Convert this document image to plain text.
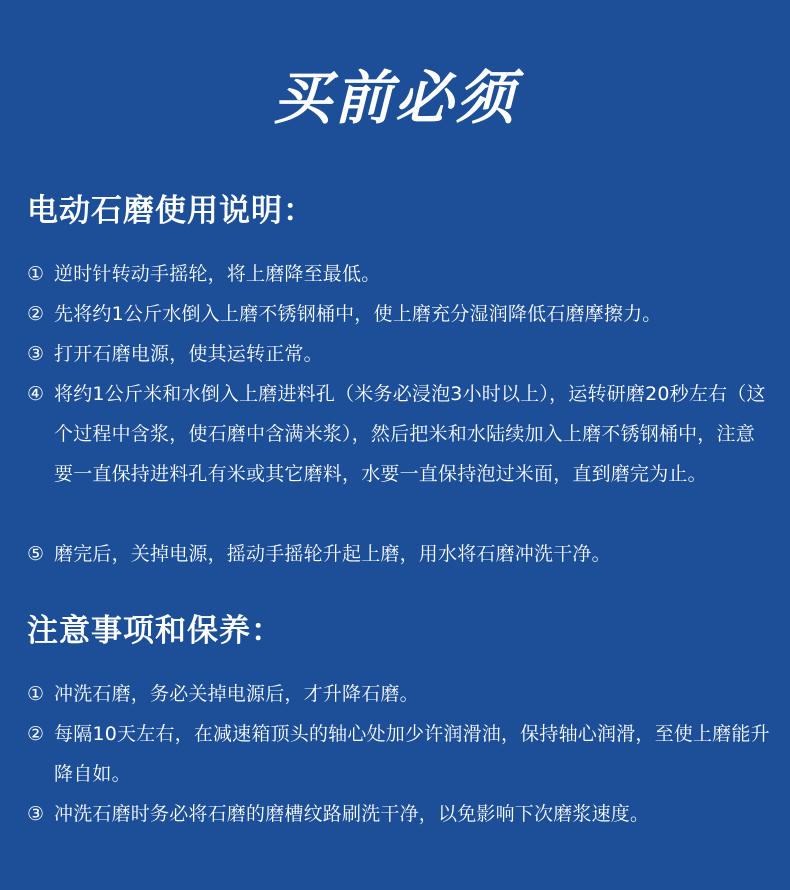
买前必须
电动石磨使用说明：
① 逆时针转动手摇轮，将上磨降至最低。
② 先将约1公斤水倒入上磨不锈钢桶中，使上磨充分湿润降低石磨摩擦力。
③ 打开石磨电源，使其运转正常。
④ 将约1公斤米和水倒入上磨进料孔（米务必浸泡3小时以上），运转研磨20秒左右（这个过程中含浆，使石磨中含满米浆），然后把米和水陆续加入上磨不锈钢桶中，注意要一直保持进料孔有米或其它磨料，水要一直保持泡过米面，直到磨完为止。
⑤ 磨完后，关掉电源，摇动手摇轮升起上磨，用水将石磨冲洗干净。
注意事项和保养：
① 冲洗石磨，务必关掉电源后，才升降石磨。
② 每隔10天左右，在减速箱顶头的轴心处加少许润滑油，保持轴心润滑，至使上磨能升降自如。
③ 冲洗石磨时务必将石磨的磨槽纹路刷洗干净，以免影响下次磨浆速度。
